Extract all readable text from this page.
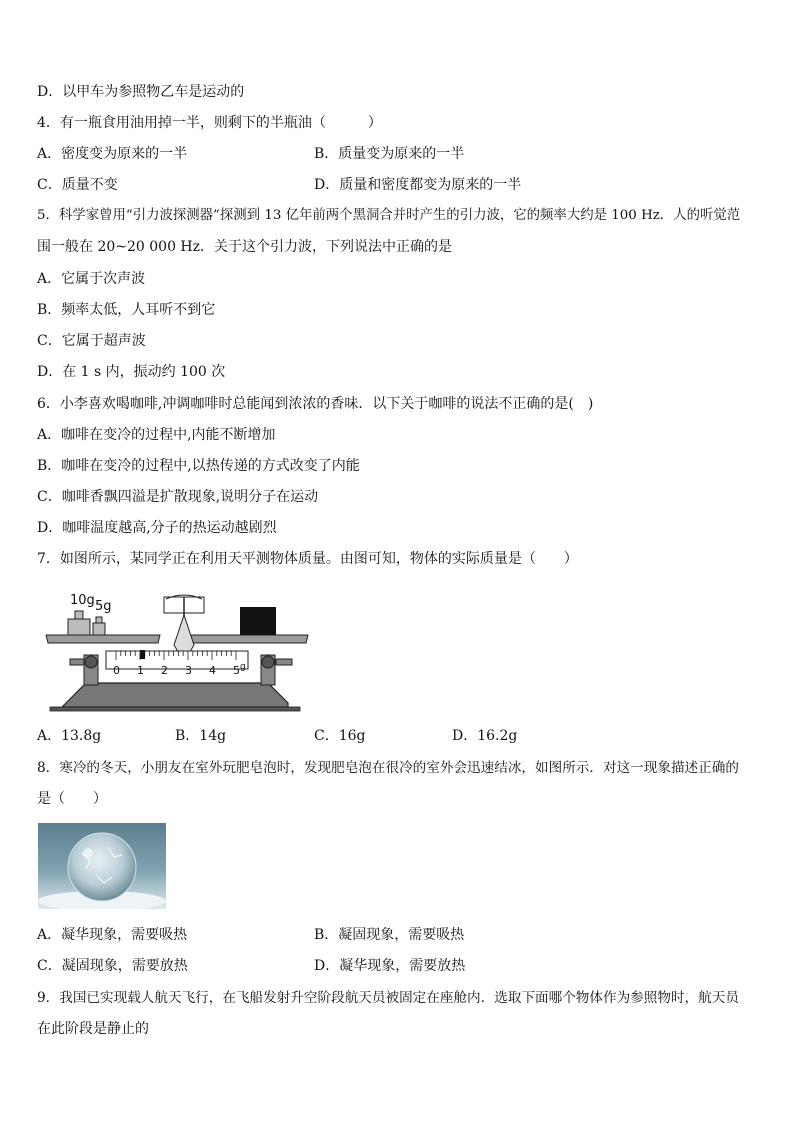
D．以甲车为参照物乙车是运动的
4．有一瓶食用油用掉一半，则剩下的半瓶油（　　　）
A．密度变为原来的一半	B．质量变为原来的一半
C．质量不变	D．质量和密度都变为原来的一半
5．科学家曾用“引力波探测器”探测到 13 亿年前两个黑洞合并时产生的引力波，它的频率大约是 100 Hz．人的听觉范
围一般在 20~20 000 Hz．关于这个引力波，下列说法中正确的是
A．它属于次声波
B．频率太低，人耳听不到它
C．它属于超声波
D．在 1 s 内，振动约 100 次
6．小李喜欢喝咖啡,冲调咖啡时总能闻到浓浓的香味．以下关于咖啡的说法不正确的是(　)
A．咖啡在变冷的过程中,内能不断增加
B．咖啡在变冷的过程中,以热传递的方式改变了内能
C．咖啡香飘四溢是扩散现象,说明分子在运动
D．咖啡温度越高,分子的热运动越剧烈
7．如图所示，某同学正在利用天平测物体质量。由图可知，物体的实际质量是（　　）
10g 5g
0 1 2 3 4 5 g
A．13.8g	B．14g	C．16g	D．16.2g
8．寒冷的冬天，小朋友在室外玩肥皂泡时，发现肥皂泡在很冷的室外会迅速结冰，如图所示．对这一现象描述正确的
是（　　）
A．凝华现象，需要吸热	B．凝固现象，需要吸热
C．凝固现象，需要放热	D．凝华现象，需要放热
9．我国已实现载人航天飞行，在飞船发射升空阶段航天员被固定在座舱内．选取下面哪个物体作为参照物时，航天员
在此阶段是静止的
